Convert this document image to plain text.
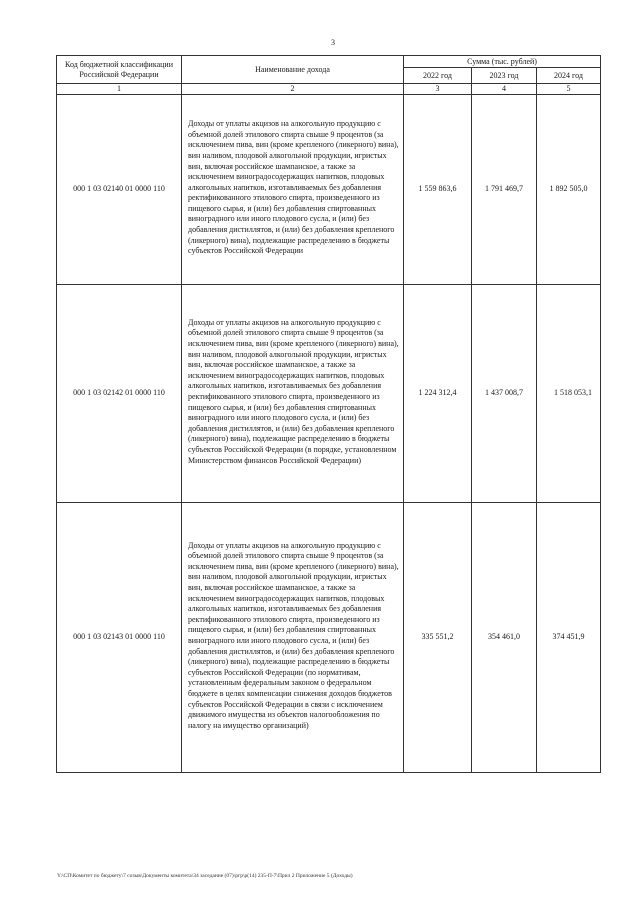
3
Код бюджетной классификации Российской Федерации	Наименование дохода	Сумма (тыс. рублей)		
		2022 год	2023 год	2024 год
1	2	3	4	5
000 1 03 02140 01 0000 110	Доходы от уплаты акцизов на алкогольную продукцию с объемной долей этилового спирта свыше 9 процентов (за исключением пива, вин (кроме крепленого (ликерного) вина), вин наливом, плодовой алкогольной продукции, игристых вин, включая российское шампанское, а также за исключением виноградосодержащих напитков, плодовых алкогольных напитков, изготавливаемых без добавления ректификованного этилового спирта, произведенного из пищевого сырья, и (или) без добавления спиртованных виноградного или иного плодового сусла, и (или) без добавления дистиллятов, и (или) без добавления крепленого (ликерного) вина), подлежащие распределению в бюджеты субъектов Российской Федерации	1 559 863,6	1 791 469,7	1 892 505,0
000 1 03 02142 01 0000 110	Доходы от уплаты акцизов на алкогольную продукцию с объемной долей этилового спирта свыше 9 процентов (за исключением пива, вин (кроме крепленого (ликерного) вина), вин наливом, плодовой алкогольной продукции, игристых вин, включая российское шампанское, а также за исключением виноградосодержащих напитков, плодовых алкогольных напитков, изготавливаемых без добавления ректификованного этилового спирта, произведенного из пищевого сырья, и (или) без добавления спиртованных виноградного или иного плодового сусла, и (или) без добавления дистиллятов, и (или) без добавления крепленого (ликерного) вина), подлежащие распределению в бюджеты субъектов Российской Федерации (в порядке, установленном Министерством финансов Российской Федерации)	1 224 312,4	1 437 008,7	1 518 053,1
000 1 03 02143 01 0000 110	Доходы от уплаты акцизов на алкогольную продукцию с объемной долей этилового спирта свыше 9 процентов (за исключением пива, вин (кроме крепленого (ликерного) вина), вин наливом, плодовой алкогольной продукции, игристых вин, включая российское шампанское, а также за исключением виноградосодержащих напитков, плодовых алкогольных напитков, изготавливаемых без добавления ректификованного этилового спирта, произведенного из пищевого сырья, и (или) без добавления спиртованных виноградного или иного плодового сусла, и (или) без добавления дистиллятов, и (или) без добавления крепленого (ликерного) вина), подлежащие распределению в бюджеты субъектов Российской Федерации (по нормативам, установленным федеральным законом о федеральном бюджете в целях компенсации снижения доходов бюджетов субъектов Российской Федерации в связи с исключением движимого имущества из объектов налогообложения по налогу на имущество организаций)	335 551,2	354 461,0	374 451,9
Y:\СП\Комитет по бюджету\7 созыв\Документы комитета\34 заседание (07)\ргр\р(14) 235-П-7\Прил 2 Приложение 5 (Доходы)
